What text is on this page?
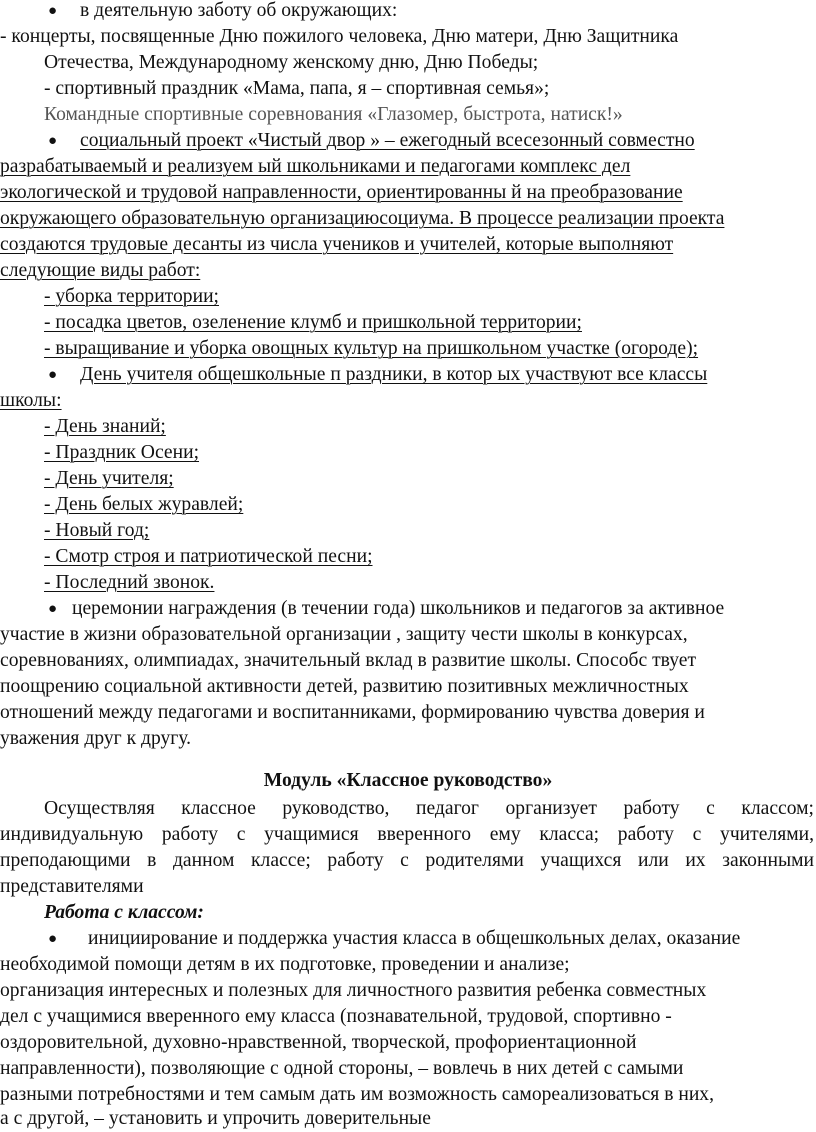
● в деятельную заботу об окружающих:
- концерты, посвященные Дню пожилого человека, Дню матери, Дню Защитника
Отечества, Международному женскому дню, Дню Победы;
- спортивный праздник «Мама, папа, я – спортивная семья»;
Командные спортивные соревнования «Глазомер, быстрота, натиск!»
● социальный проект «Чистый двор » – ежегодный всесезонный совместно
разрабатываемый и реализуем ый школьниками и педагогами комплекс дел
экологической и трудовой направленности, ориентированны й на преобразование
окружающего образовательную организациюсоциума. В процессе реализации проекта
создаются трудовые десанты из числа учеников и учителей, которые выполняют
следующие виды работ:
- уборка территории;
- посадка цветов, озеленение клумб и пришкольной территории;
- выращивание и уборка овощных культур на пришкольном участке (огороде);
● День учителя общешкольные п раздники, в котор ых участвуют все классы
школы:
- День знаний;
- Праздник Осени;
- День учителя;
- День белых журавлей;
- Новый год;
- Смотр строя и патриотической песни;
- Последний звонок.
● церемонии награждения (в течении года) школьников и педагогов за активное
участие в жизни образовательной организации , защиту чести школы в конкурсах,
соревнованиях, олимпиадах, значительный вклад в развитие школы. Способс твует
поощрению социальной активности детей, развитию позитивных межличностных
отношений между педагогами и воспитанниками, формированию чувства доверия и
уважения друг к другу.
Модуль «Классное руководство»
Осуществляя классное руководство, педагог организует работу с классом;
индивидуальную работу с учащимися вверенного ему класса; работу с учителями,
преподающими в данном классе; работу с родителями учащихся или их законными
представителями
Работа с классом:
● инициирование и поддержка участия класса в общешкольных делах, оказание
необходимой помощи детям в их подготовке, проведении и анализе;
организация интересных и полезных для личностного развития ребенка совместных
дел с учащимися вверенного ему класса (познавательной, трудовой, спортивно -
оздоровительной, духовно-нравственной, творческой, профориентационной
направленности), позволяющие с одной стороны, – вовлечь в них детей с самыми
разными потребностями и тем самым дать им возможность самореализоваться в них,
а с другой, – установить и упрочить доверительные
